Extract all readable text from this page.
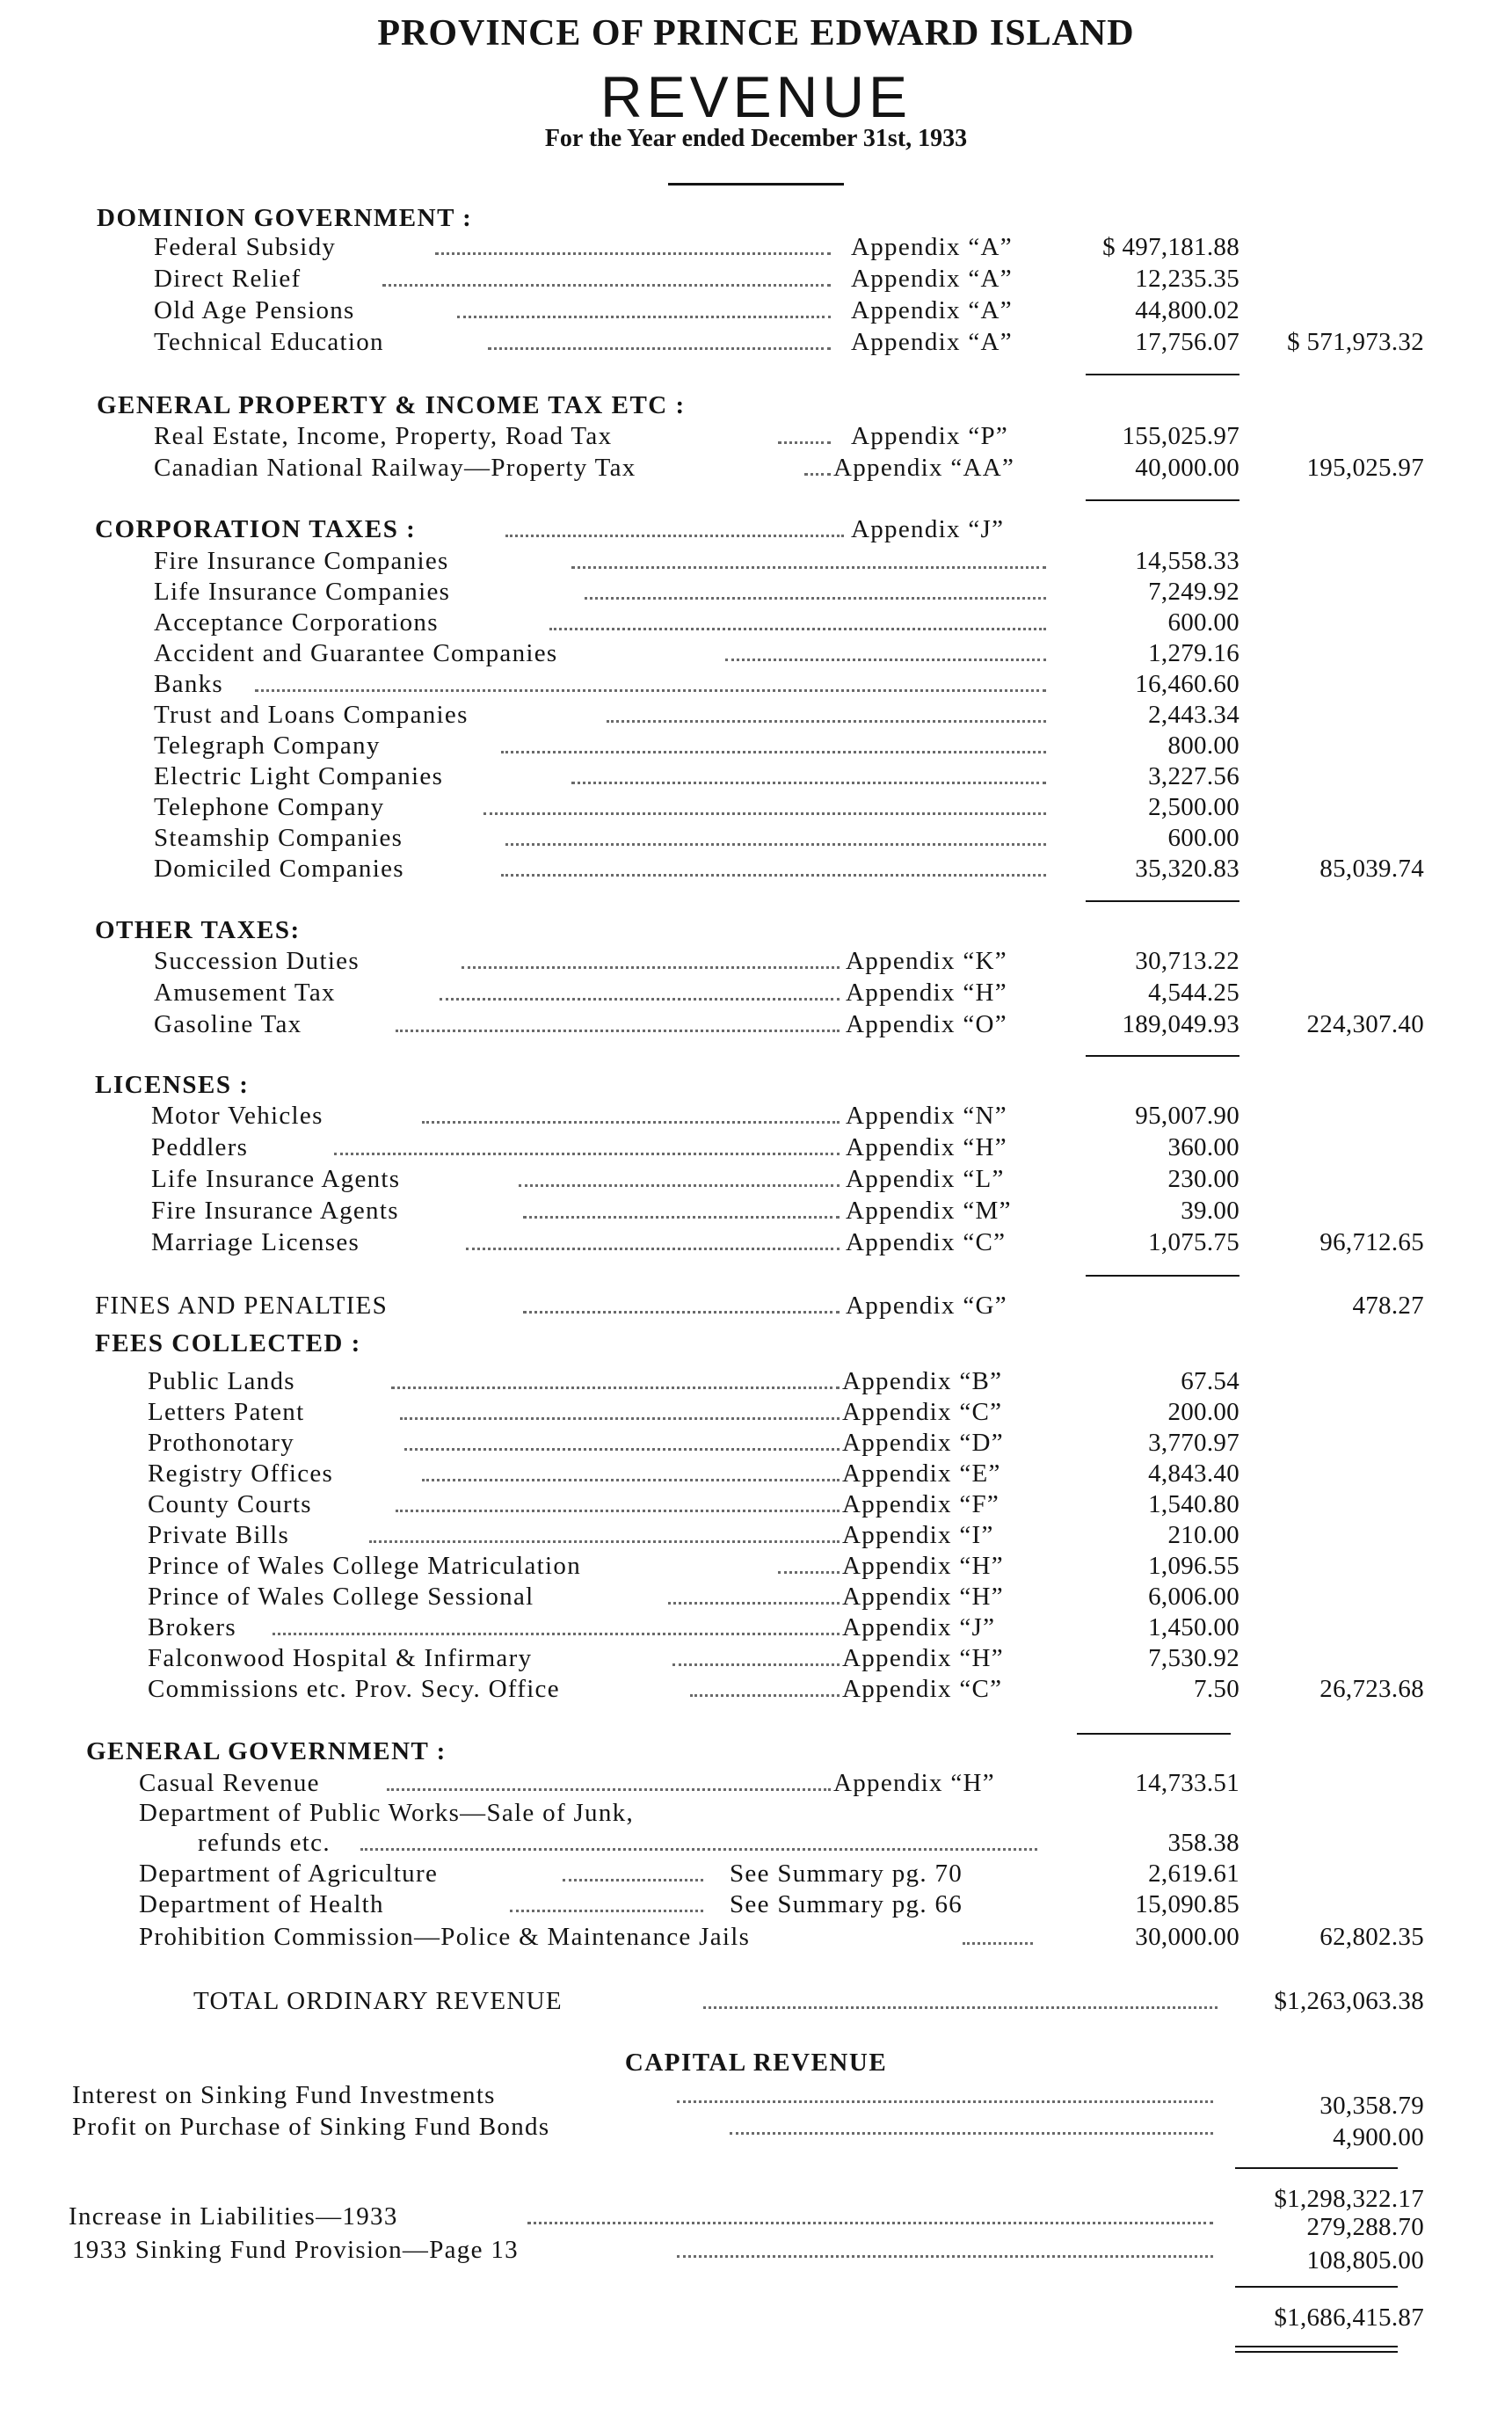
PROVINCE OF PRINCE EDWARD ISLAND
REVENUE
For the Year ended December 31st, 1933
DOMINION GOVERNMENT :
Federal Subsidy	Appendix “A”	$ 497,181.88
Direct Relief	Appendix “A”	12,235.35
Old Age Pensions	Appendix “A”	44,800.02
Technical Education	Appendix “A”	17,756.07 $ 571,973.32
GENERAL PROPERTY & INCOME TAX ETC :
Real Estate, Income, Property, Road Tax	Appendix “P”	155,025.97
Canadian National Railway—Property Tax	Appendix “AA”	40,000.00	195,025.97
CORPORATION TAXES :	Appendix “J”
Fire Insurance Companies	14,558.33
Life Insurance Companies	7,249.92
Acceptance Corporations	600.00
Accident and Guarantee Companies	1,279.16
Banks	16,460.60
Trust and Loans Companies	2,443.34
Telegraph Company	800.00
Electric Light Companies	3,227.56
Telephone Company	2,500.00
Steamship Companies	600.00
Domiciled Companies	35,320.83	85,039.74
OTHER TAXES:
Succession Duties	Appendix “K”	30,713.22
Amusement Tax	Appendix “H”	4,544.25
Gasoline Tax	Appendix “O”	189,049.93	224,307.40
LICENSES :
Motor Vehicles	Appendix “N”	95,007.90
Peddlers	Appendix “H”	360.00
Life Insurance Agents	Appendix “L”	230.00
Fire Insurance Agents	Appendix “M”	39.00
Marriage Licenses	Appendix “C”	1,075.75	96,712.65
FINES AND PENALTIES	Appendix “G”	478.27
FEES COLLECTED :
Public Lands	Appendix “B”	67.54
Letters Patent	Appendix “C”	200.00
Prothonotary	Appendix “D”	3,770.97
Registry Offices	Appendix “E”	4,843.40
County Courts	Appendix “F”	1,540.80
Private Bills	Appendix “I”	210.00
Prince of Wales College Matriculation	Appendix “H”	1,096.55
Prince of Wales College Sessional	Appendix “H”	6,006.00
Brokers	Appendix “J”	1,450.00
Falconwood Hospital & Infirmary	Appendix “H”	7,530.92
Commissions etc. Prov. Secy. Office	Appendix “C”	7.50	26,723.68
GENERAL GOVERNMENT :
Casual Revenue	Appendix “H”	14,733.51
Department of Public Works—Sale of Junk,
refunds etc.	358.38
Department of Agriculture	See Summary pg. 70	2,619.61
Department of Health	See Summary pg. 66	15,090.85
Prohibition Commission—Police & Maintenance Jails	30,000.00	62,802.35
TOTAL ORDINARY REVENUE	$1,263,063.38
CAPITAL REVENUE
Interest on Sinking Fund Investments	30,358.79
Profit on Purchase of Sinking Fund Bonds	4,900.00
$1,298,322.17
Increase in Liabilities—1933	279,288.70
1933 Sinking Fund Provision—Page 13	108,805.00
$1,686,415.87
